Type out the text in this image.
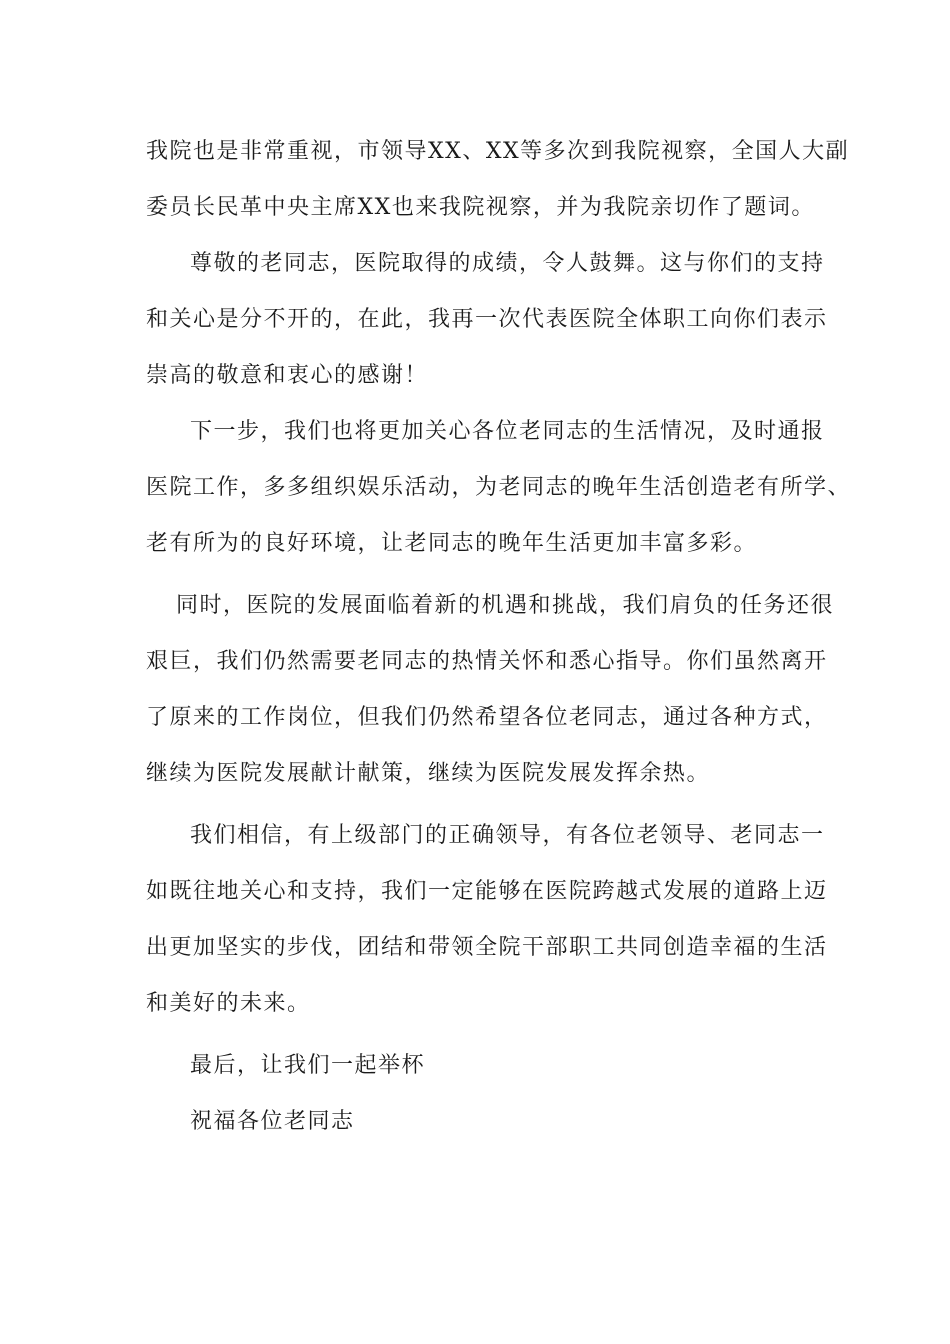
我院也是非常重视，市领导XX、XX等多次到我院视察，全国人大副
委员长民革中央主席XX也来我院视察，并为我院亲切作了题词。
尊敬的老同志，医院取得的成绩，令人鼓舞。这与你们的支持
和关心是分不开的，在此，我再一次代表医院全体职工向你们表示
崇高的敬意和衷心的感谢！
下一步，我们也将更加关心各位老同志的生活情况，及时通报
医院工作，多多组织娱乐活动，为老同志的晚年生活创造老有所学、
老有所为的良好环境，让老同志的晚年生活更加丰富多彩。
同时，医院的发展面临着新的机遇和挑战，我们肩负的任务还很
艰巨，我们仍然需要老同志的热情关怀和悉心指导。你们虽然离开
了原来的工作岗位，但我们仍然希望各位老同志，通过各种方式，
继续为医院发展献计献策，继续为医院发展发挥余热。
我们相信，有上级部门的正确领导，有各位老领导、老同志一
如既往地关心和支持，我们一定能够在医院跨越式发展的道路上迈
出更加坚实的步伐，团结和带领全院干部职工共同创造幸福的生活
和美好的未来。
最后，让我们一起举杯
祝福各位老同志
